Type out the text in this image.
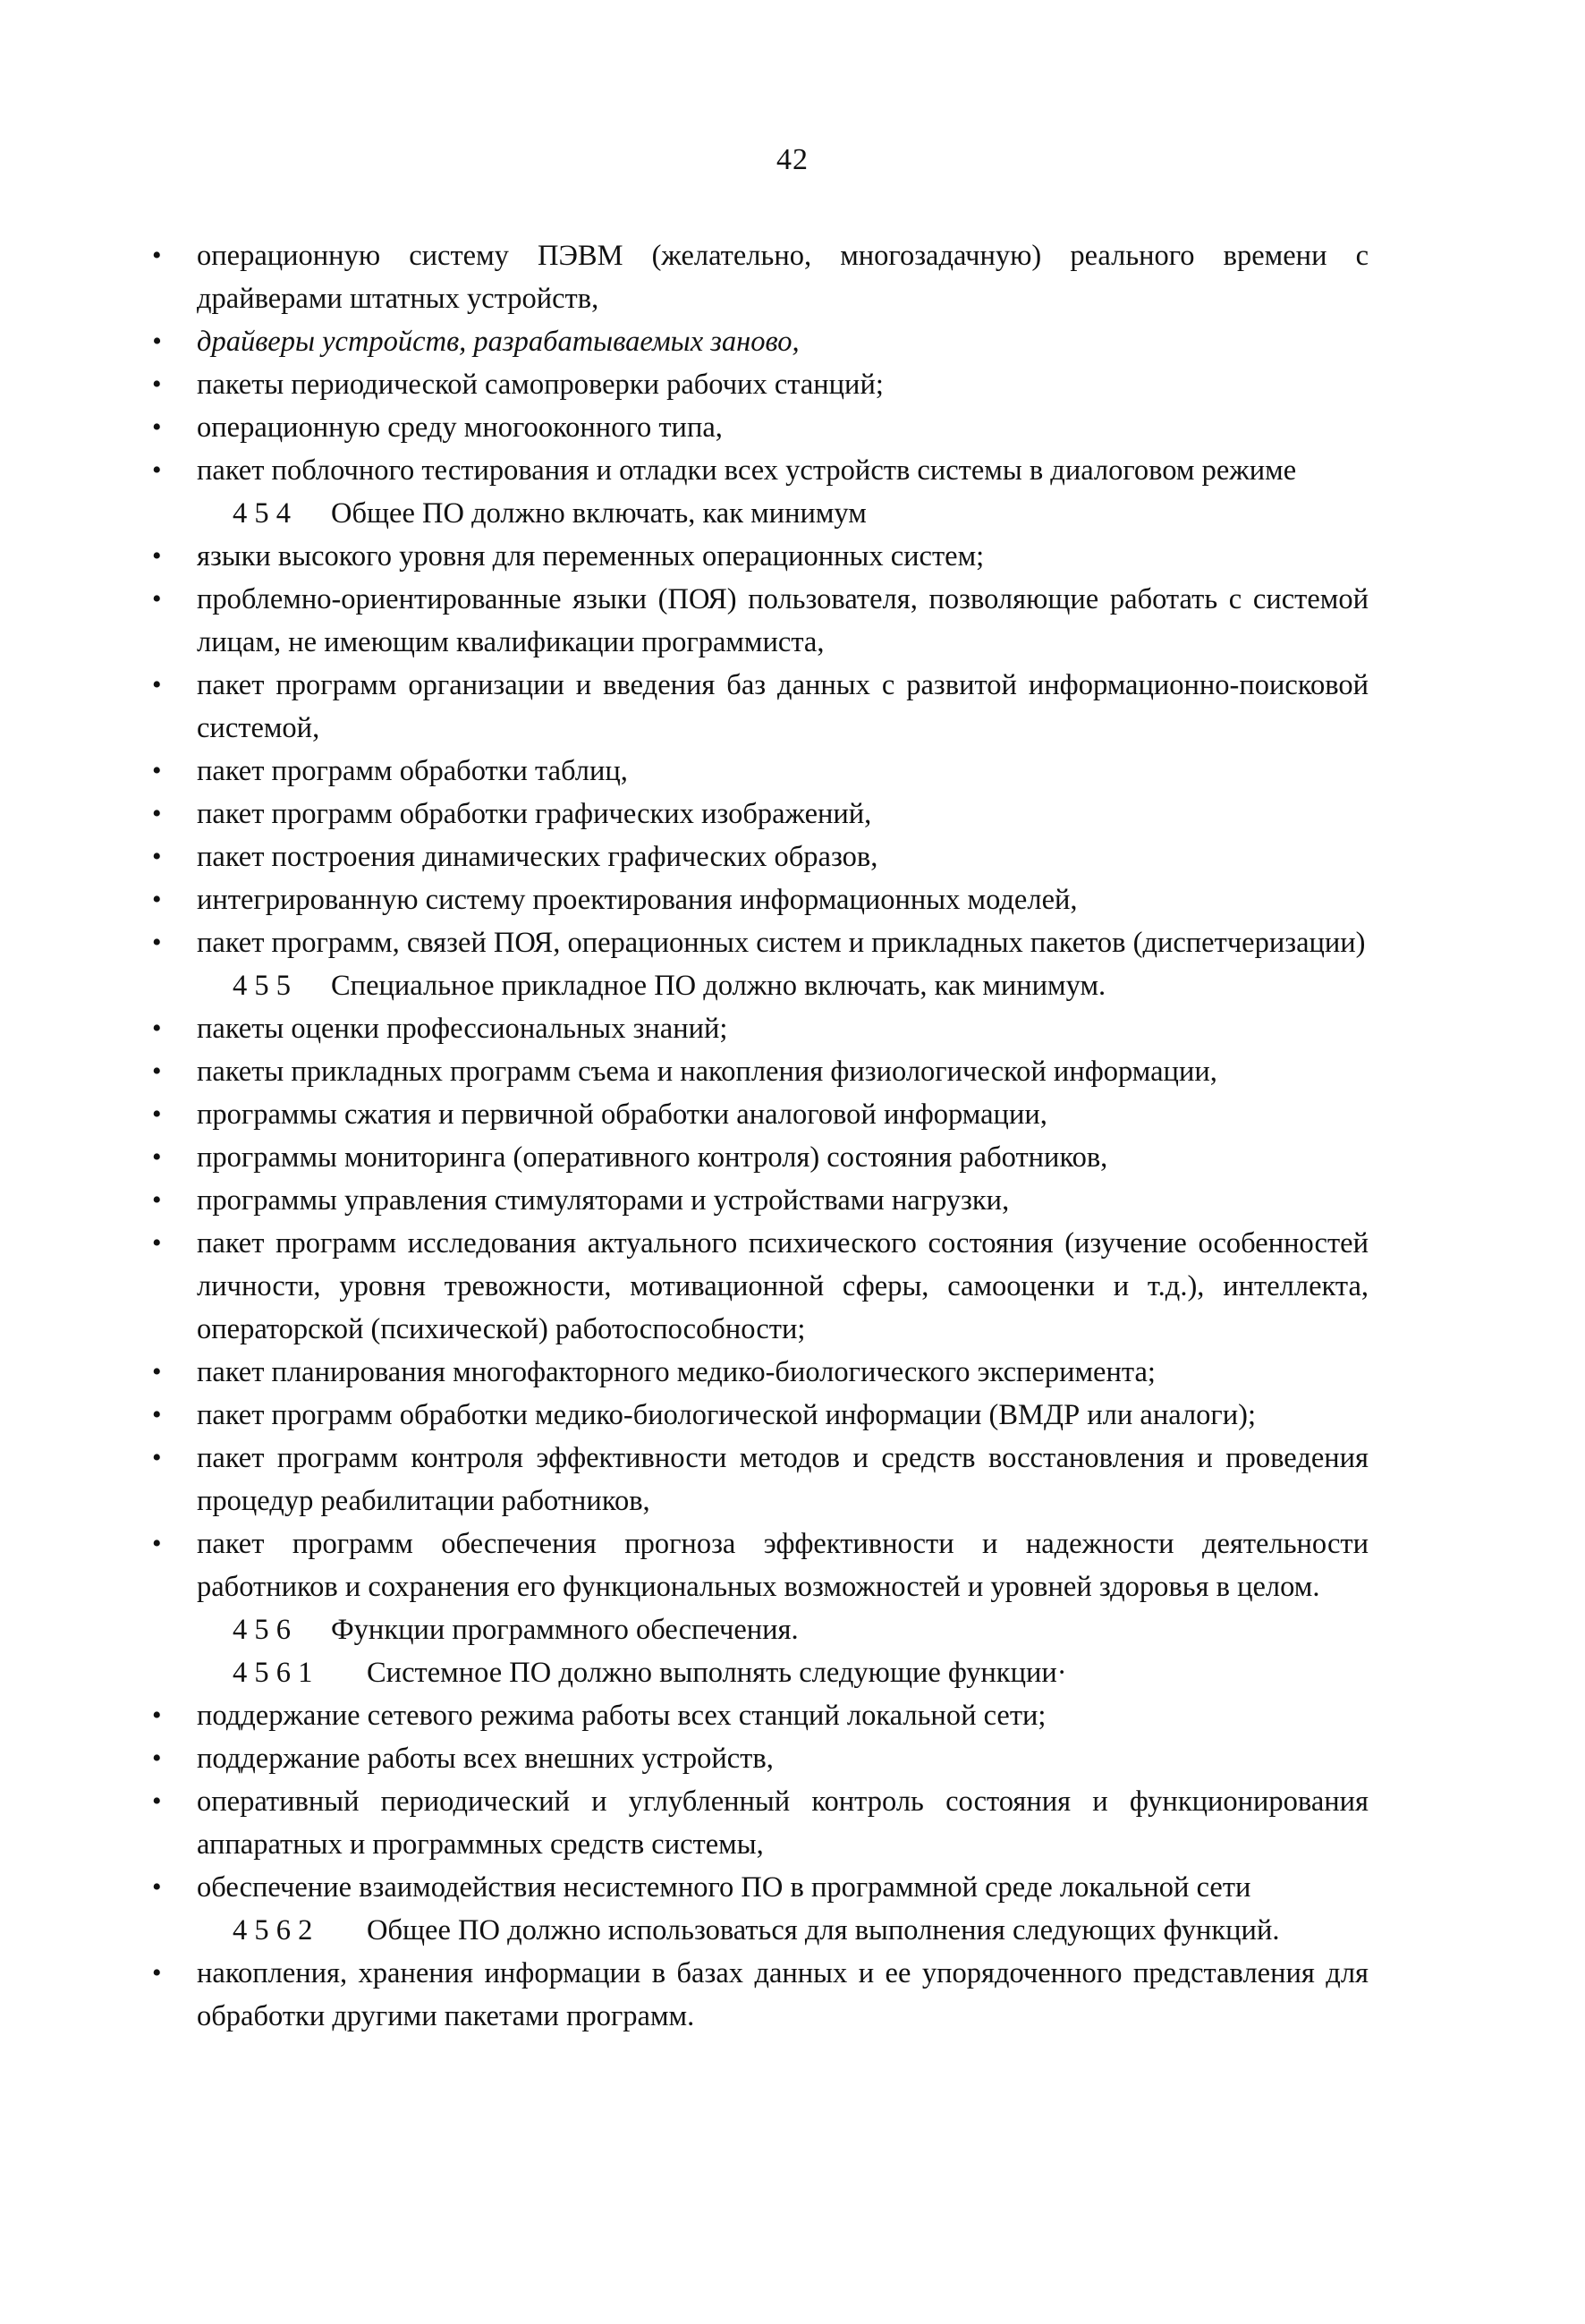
42

• операционную систему ПЭВМ (желательно, многозадачную) реального времени с драйверами штатных устройств,

• драйверы устройств, разрабатываемых заново,

• пакеты периодической самопроверки рабочих станций;

• операционную среду многооконного типа,

• пакет поблочного тестирования и отладки всех устройств системы в диалоговом режиме

4 5 4 Общее ПО должно включать, как минимум

• языки высокого уровня для переменных операционных систем;

• проблемно-ориентированные языки (ПОЯ) пользователя, позволяющие работать с системой лицам, не имеющим квалификации программиста,

• пакет программ организации и введения баз данных с развитой информационно-поисковой системой,

• пакет программ обработки таблиц,

• пакет программ обработки графических изображений,

• пакет построения динамических графических образов,

• интегрированную систему проектирования информационных моделей,

• пакет программ, связей ПОЯ, операционных систем и прикладных пакетов (диспетчеризации)

4 5 5 Специальное прикладное ПО должно включать, как минимум.

• пакеты оценки профессиональных знаний;

• пакеты прикладных программ съема и накопления физиологической информации,

• программы сжатия и первичной обработки аналоговой информации,

• программы мониторинга (оперативного контроля) состояния работников,

• программы управления стимуляторами и устройствами нагрузки,

• пакет программ исследования актуального психического состояния (изучение особенностей личности, уровня тревожности, мотивационной сферы, самооценки и т.д.), интеллекта, операторской (психической) работоспособности;

• пакет планирования многофакторного медико-биологического эксперимента;

• пакет программ обработки медико-биологической информации (ВМДР или аналоги);

• пакет программ контроля эффективности методов и средств восстановления и проведения процедур реабилитации работников,

• пакет программ обеспечения прогноза эффективности и надежности деятельности работников и сохранения его функциональных возможностей и уровней здоровья в целом.

4 5 6 Функции программного обеспечения.

4 5 6 1 Системное ПО должно выполнять следующие функции·

• поддержание сетевого режима работы всех станций локальной сети;

• поддержание работы всех внешних устройств,

• оперативный периодический и углубленный контроль состояния и функционирования аппаратных и программных средств системы,

• обеспечение взаимодействия несистемного ПО в программной среде локальной сети

4 5 6 2 Общее ПО должно использоваться для выполнения следующих функций.

• накопления, хранения информации в базах данных и ее упорядоченного представления для обработки другими пакетами программ.
